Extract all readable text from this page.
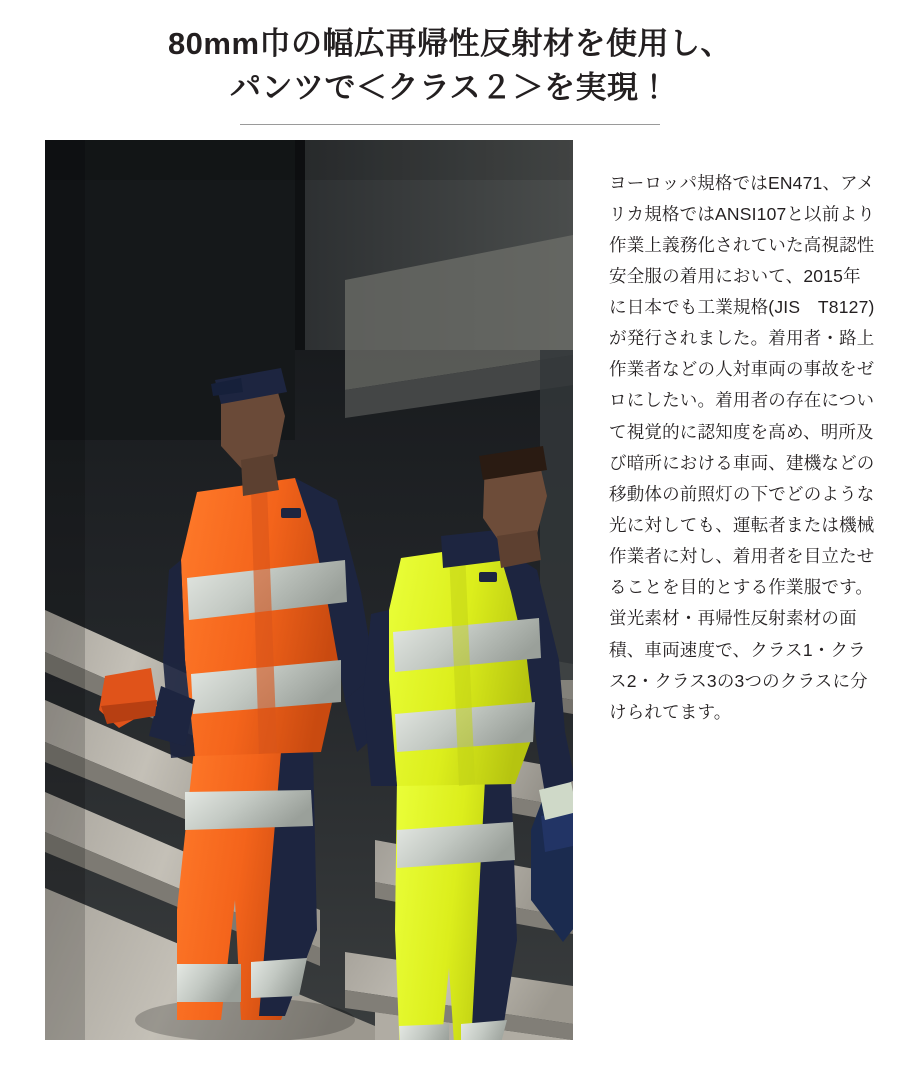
80mm巾の幅広再帰性反射材を使用し、
パンツで＜クラス２＞を実現！

ヨーロッパ規格ではEN471、アメリカ規格ではANSI107と以前より作業上義務化されていた高視認性安全服の着用において、2015年に日本でも工業規格(JIS　T8127)が発行されました。着用者・路上作業者などの人対車両の事故をゼロにしたい。着用者の存在について視覚的に認知度を高め、明所及び暗所における車両、建機などの移動体の前照灯の下でどのような光に対しても、運転者または機械作業者に対し、着用者を目立たせることを目的とする作業服です。蛍光素材・再帰性反射素材の面積、車両速度で、クラス1・クラス2・クラス3の3つのクラスに分けられてます。
